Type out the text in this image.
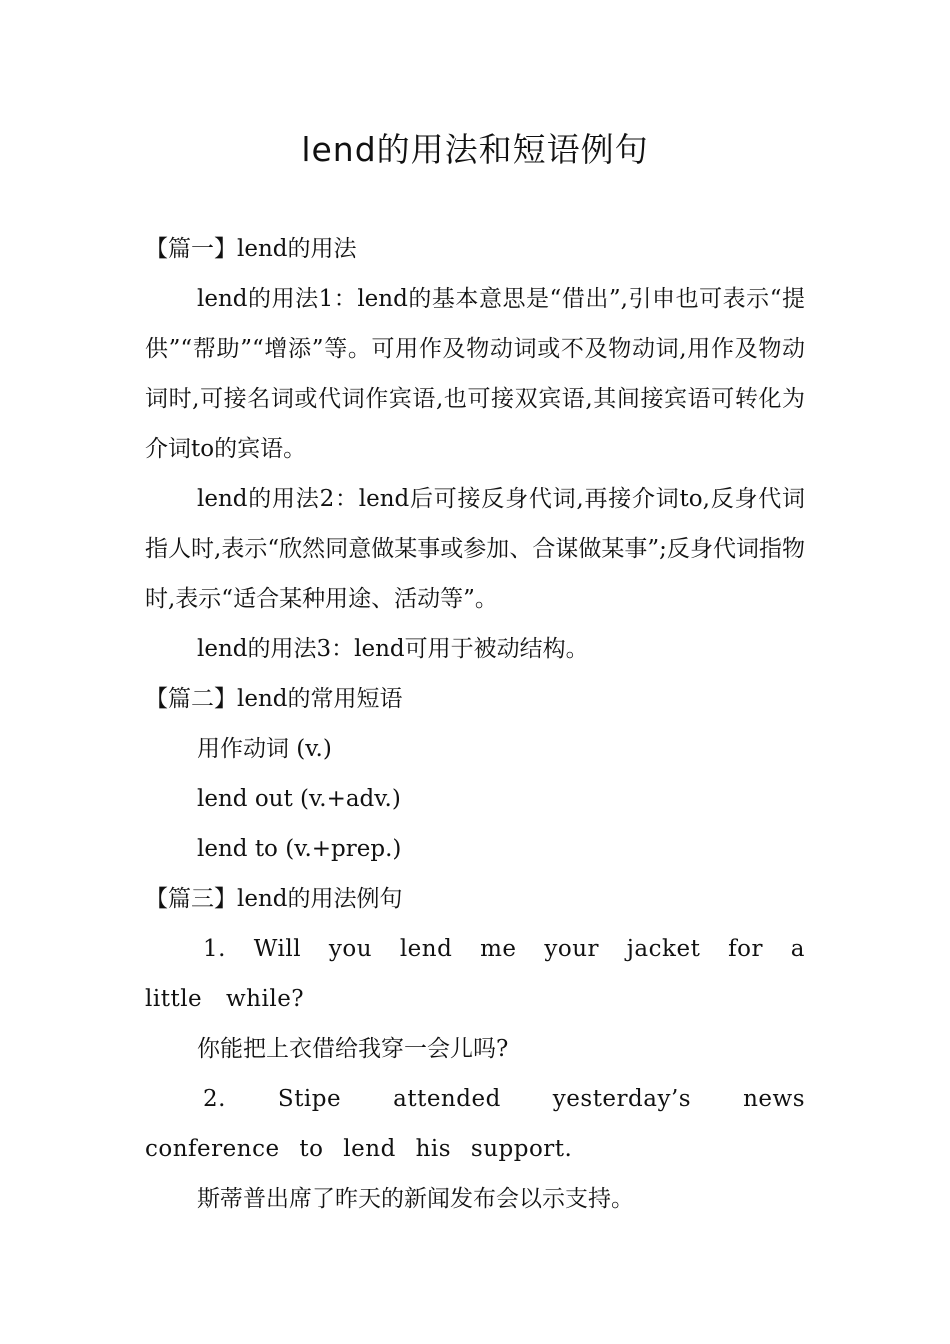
lend的用法和短语例句

【篇一】lend的用法

lend的用法1：lend的基本意思是“借出”,引申也可表示“提供”“帮助”“增添”等。可用作及物动词或不及物动词,用作及物动词时,可接名词或代词作宾语,也可接双宾语,其间接宾语可转化为介词to的宾语。

lend的用法2：lend后可接反身代词,再接介词to,反身代词指人时,表示“欣然同意做某事或参加、合谋做某事”;反身代词指物时,表示“适合某种用途、活动等”。

lend的用法3：lend可用于被动结构。

【篇二】lend的常用短语

用作动词 (v.)

lend out (v.+adv.)

lend to (v.+prep.)

【篇三】lend的用法例句

1. Will you lend me your jacket for a little while?

你能把上衣借给我穿一会儿吗?

2. Stipe attended yesterday’s news conference to lend his support.

斯蒂普出席了昨天的新闻发布会以示支持。
